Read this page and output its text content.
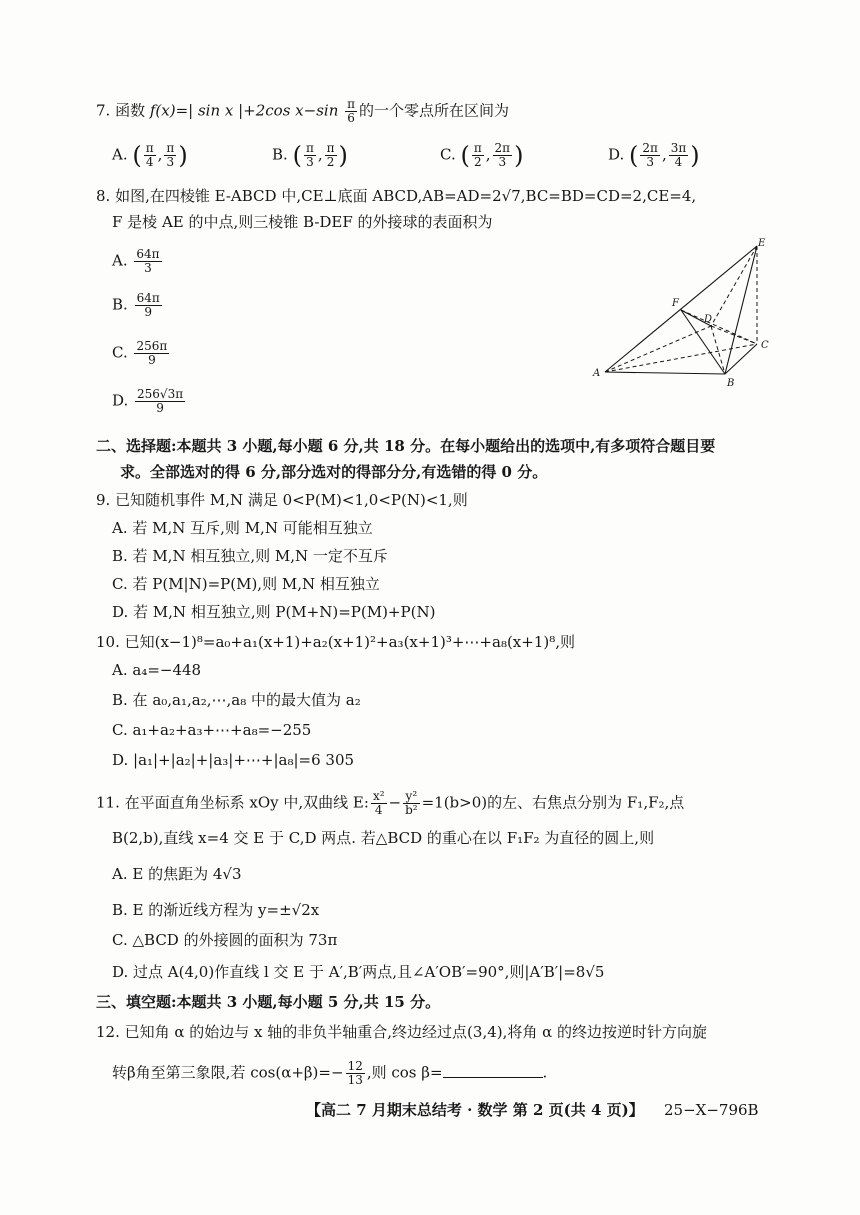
7. 函数 f(x)=| sin x |+2cos $x-\sin \frac{\pi}{6}$ 的一个零点所在区间为
A. ( $\frac{\pi}{4}$ , $\frac{\pi}{3}$ )	B. ( $\frac{\pi}{3}$ , $\frac{\pi}{2}$ )	C. ( $\frac{\pi}{2}$ , $\frac{2\pi}{3}$ )	D. ( $\frac{2\pi}{3}$ , $\frac{3\pi}{4}$ )
8. 如图,在四棱锥 E-ABCD 中,CE⊥底面 ABCD,AB=AD=2√7,BC=BD=CD=2,CE=4,
F 是棱 AE 的中点,则三棱锥 B-DEF 的外接球的表面积为
A. $\frac{64\pi}{3}$
B. $\frac{64\pi}{9}$
C. $\frac{256\pi}{9}$
D. $\frac{256√3\pi}{9}$
E
F
D
C
A
B
二、选择题:本题共 3 小题,每小题 6 分,共 18 分。在每小题给出的选项中,有多项符合题目要
求。全部选对的得 6 分,部分选对的得部分分,有选错的得 0 分。
9. 已知随机事件 M,N 满足 0<P(M)<1,0<P(N)<1,则
A. 若 M,N 互斥,则 M,N 可能相互独立
B. 若 M,N 相互独立,则 M,N 一定不互斥
C. 若 P(M|N)=P(M),则 M,N 相互独立
D. 若 M,N 相互独立,则 P(M+N)=P(M)+P(N)
10. 已知(x−1)⁸=a₀+a₁(x+1)+a₂(x+1)²+a₃(x+1)³+⋯+a₈(x+1)⁸,则
A. a₄=−448
B. 在 a₀,a₁,a₂,⋯,a₈ 中的最大值为 a₂
C. a₁+a₂+a₃+⋯+a₈=−255
D. |a₁|+|a₂|+|a₃|+⋯+|a₈|=6 305
11. 在平面直角坐标系 xOy 中,双曲线 E: $\frac{\text{x²}}{4} - \frac{\text{y²}}{\text{b²}} =1(b>0)$的左、右焦点分别为 F₁,F₂,点
B(2,b),直线 x=4 交 E 于 C,D 两点. 若△BCD 的重心在以 F₁F₂ 为直径的圆上,则
A. E 的焦距为 4√3
B. E 的渐近线方程为 y=±√2x
C. △BCD 的外接圆的面积为 73π
D. 过点 A(4,0)作直线 l 交 E 于 A′,B′两点,且∠A′OB′=90°,则|A′B′|=8√5
三、填空题:本题共 3 小题,每小题 5 分,共 15 分。
12. 已知角 α 的始边与 x 轴的非负半轴重合,终边经过点(3,4),将角 α 的终边按逆时针方向旋
转β角至第三象限,若 $\cos(\alpha+\beta)=- \frac{12}{13}$ ,则 cos β=	.
【高二 7 月期末总结考 · 数学 第 2 页(共 4 页)】 25−X−796B
